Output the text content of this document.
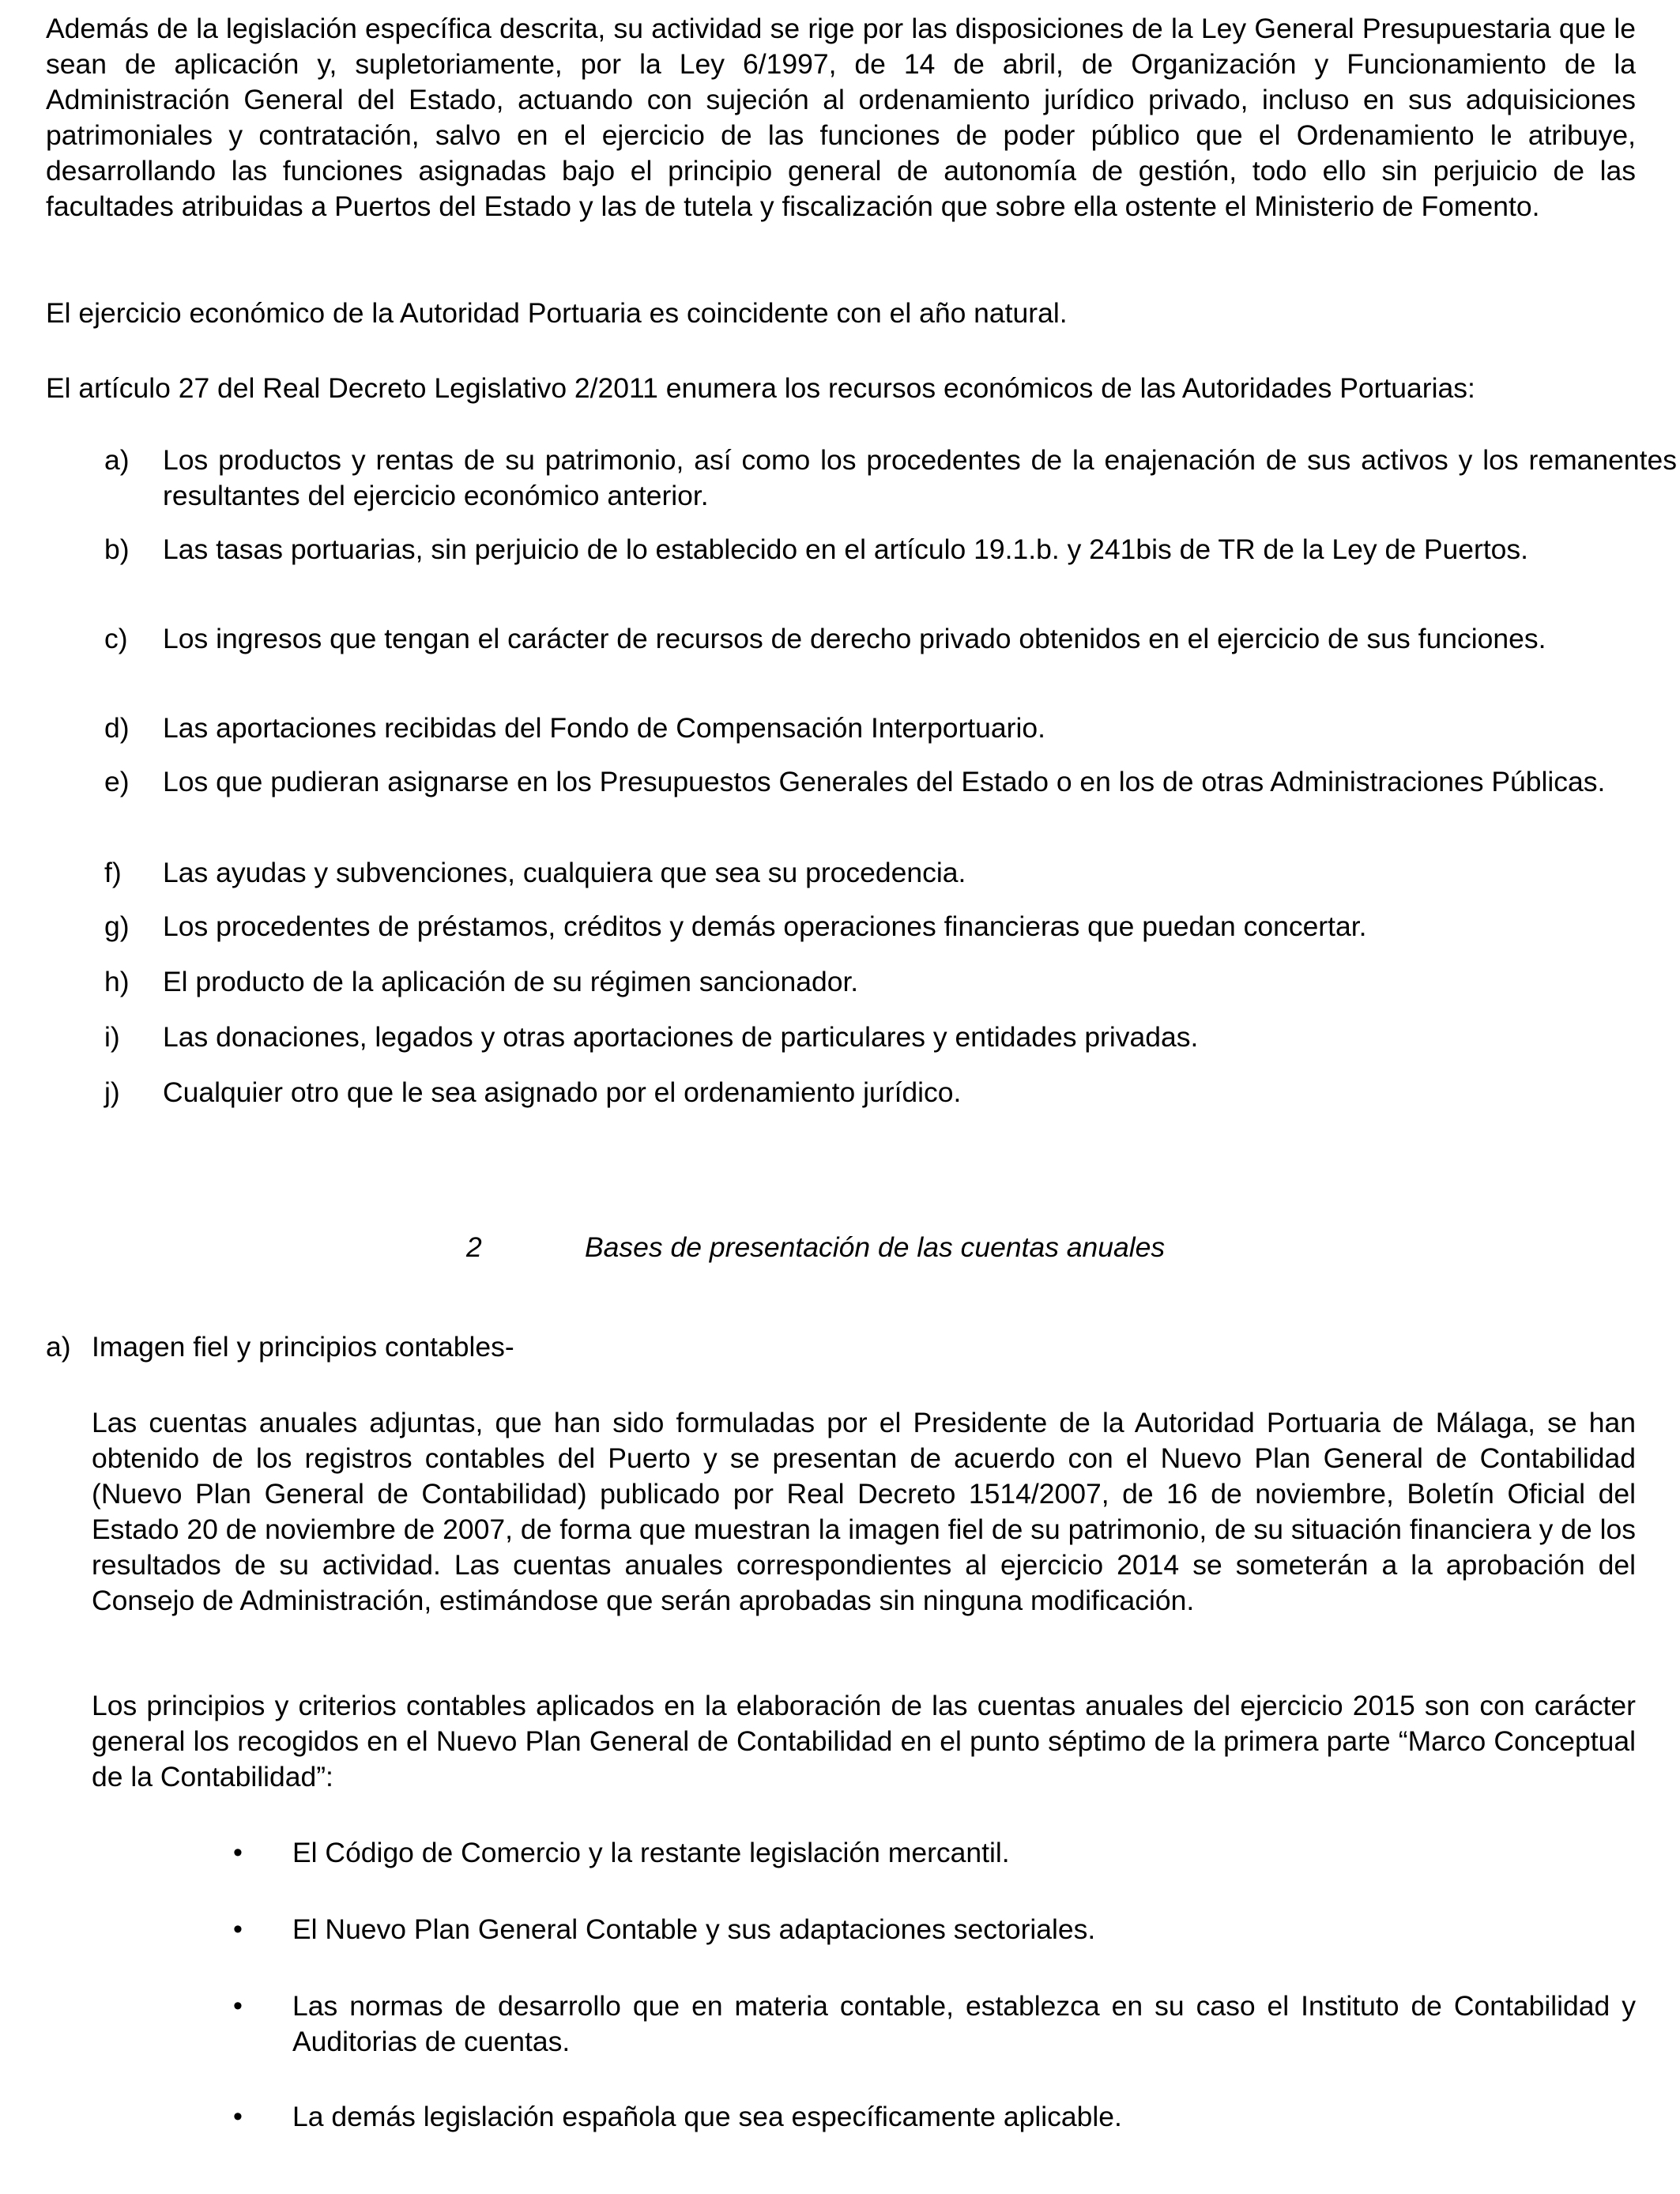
Además de la legislación específica descrita, su actividad se rige por las disposiciones de la Ley General Presupuestaria que le sean de aplicación y, supletoriamente, por la Ley 6/1997, de 14 de abril, de Organización y Funcionamiento de la Administración General del Estado, actuando con sujeción al ordenamiento jurídico privado, incluso en sus adquisiciones patrimoniales y contratación, salvo en el ejercicio de las funciones de poder público que el Ordenamiento le atribuye, desarrollando las funciones asignadas bajo el principio general de autonomía de gestión, todo ello sin perjuicio de las facultades atribuidas a Puertos del Estado y las de tutela y fiscalización que sobre ella ostente el Ministerio de Fomento.

El ejercicio económico de la Autoridad Portuaria es coincidente con el año natural.

El artículo 27 del Real Decreto Legislativo 2/2011 enumera los recursos económicos de las Autoridades Portuarias:

a) Los productos y rentas de su patrimonio, así como los procedentes de la enajenación de sus activos y los remanentes resultantes del ejercicio económico anterior.
b) Las tasas portuarias, sin perjuicio de lo establecido en el artículo 19.1.b. y 241bis de TR de la Ley de Puertos.
c) Los ingresos que tengan el carácter de recursos de derecho privado obtenidos en el ejercicio de sus funciones.
d) Las aportaciones recibidas del Fondo de Compensación Interportuario.
e) Los que pudieran asignarse en los Presupuestos Generales del Estado o en los de otras Administraciones Públicas.
f) Las ayudas y subvenciones, cualquiera que sea su procedencia.
g) Los procedentes de préstamos, créditos y demás operaciones financieras que puedan concertar.
h) El producto de la aplicación de su régimen sancionador.
i) Las donaciones, legados y otras aportaciones de particulares y entidades privadas.
j) Cualquier otro que le sea asignado por el ordenamiento jurídico.
2	Bases de presentación de las cuentas anuales
a) Imagen fiel y principios contables-

Las cuentas anuales adjuntas, que han sido formuladas por el Presidente de la Autoridad Portuaria de Málaga, se han obtenido de los registros contables del Puerto y se presentan de acuerdo con el Nuevo Plan General de Contabilidad (Nuevo Plan General de Contabilidad) publicado por Real Decreto 1514/2007, de 16 de noviembre, Boletín Oficial del Estado 20 de noviembre de 2007, de forma que muestran la imagen fiel de su patrimonio, de su situación financiera y de los resultados de su actividad. Las cuentas anuales correspondientes al ejercicio 2014 se someterán a la aprobación del Consejo de Administración, estimándose que serán aprobadas sin ninguna modificación.

Los principios y criterios contables aplicados en la elaboración de las cuentas anuales del ejercicio 2015 son con carácter general los recogidos en el Nuevo Plan General de Contabilidad en el punto séptimo de la primera parte “Marco Conceptual de la Contabilidad”:

• El Código de Comercio y la restante legislación mercantil.
• El Nuevo Plan General Contable y sus adaptaciones sectoriales.
• Las normas de desarrollo que en materia contable, establezca en su caso el Instituto de Contabilidad y Auditorias de cuentas.
• La demás legislación española que sea específicamente aplicable.
